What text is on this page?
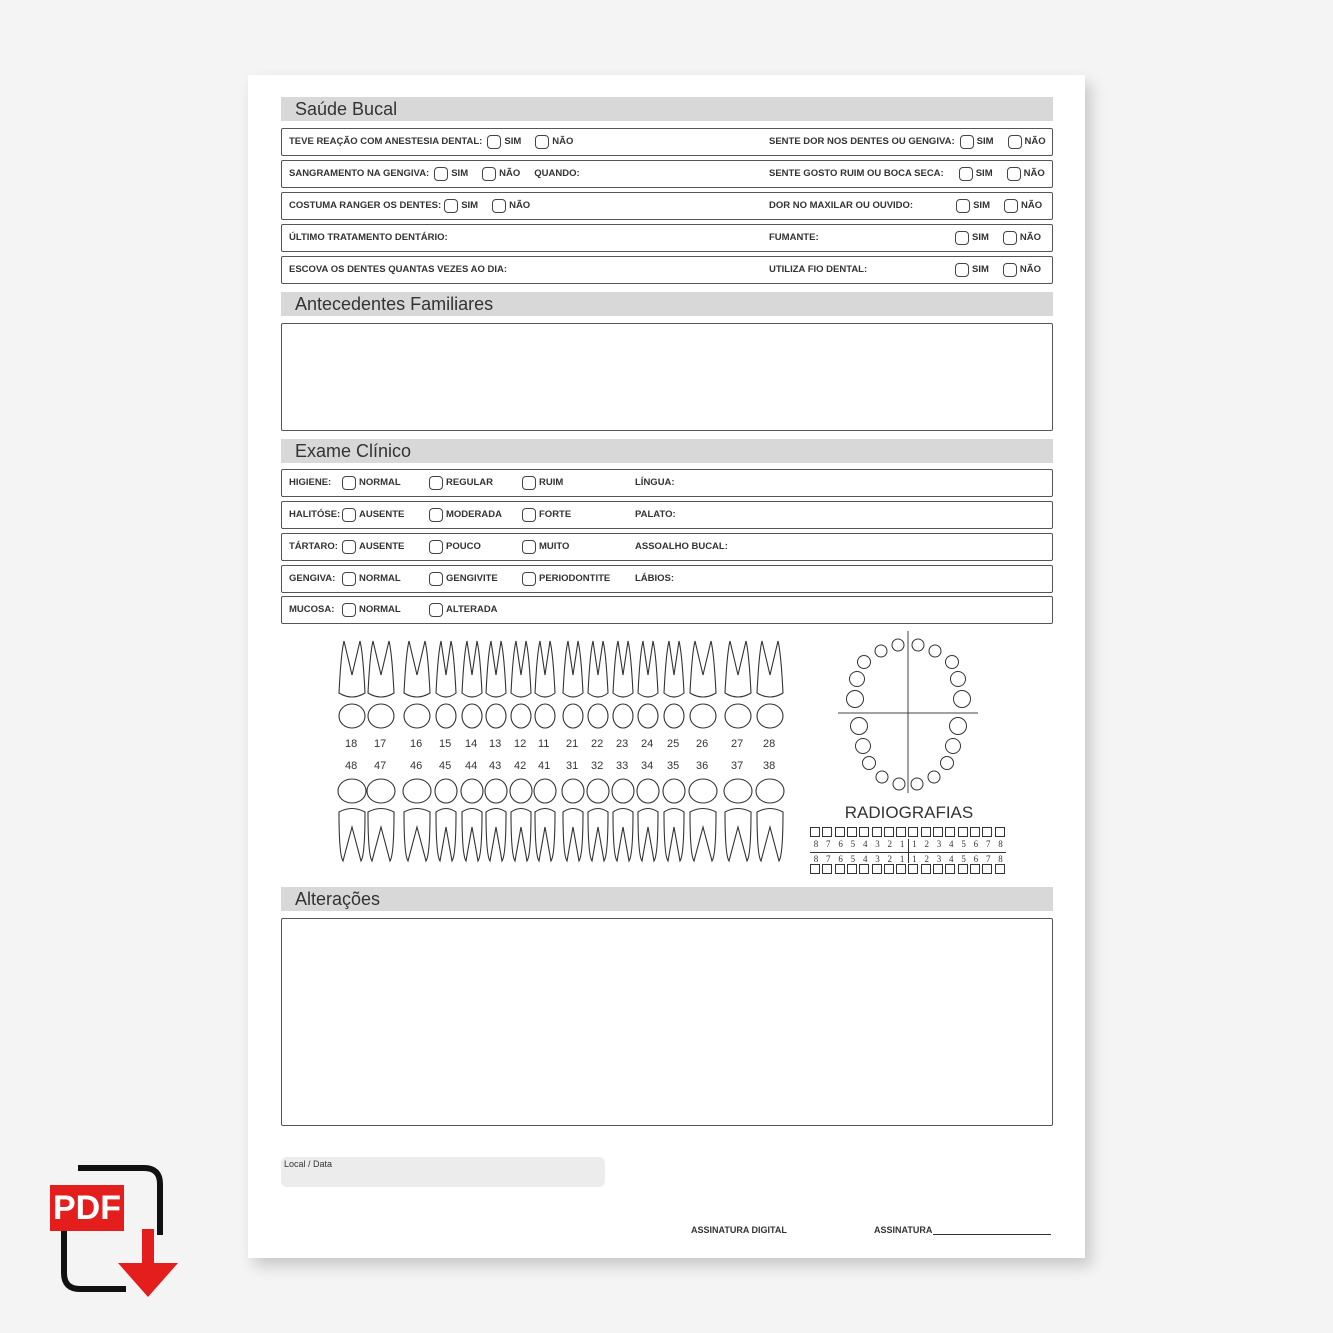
Saúde Bucal
TEVE REAÇÃO COM ANESTESIA DENTAL: SIM	NÃO	SENTE DOR NOS DENTES OU GENGIVA: SIM	NÃO
SANGRAMENTO NA GENGIVA: SIM	NÃO QUANDO:	SENTE GOSTO RUIM OU BOCA SECA:	SIM	NÃO
COSTUMA RANGER OS DENTES: SIM	NÃO	DOR NO MAXILAR OU OUVIDO:	SIM	NÃO
ÚLTIMO TRATAMENTO DENTÁRIO:	FUMANTE:	SIM	NÃO
ESCOVA OS DENTES QUANTAS VEZES AO DIA:	UTILIZA FIO DENTAL:	SIM	NÃO
Antecedentes Familiares
Exame Clínico
HIGIENE:	NORMAL	REGULAR	RUIM	LÍNGUA:
HALITÓSE: AUSENTE	MODERADA	FORTE	PALATO:
TÁRTARO: AUSENTE	POUCO	MUITO	ASSOALHO BUCAL:
GENGIVA: NORMAL	GENGIVITE	PERIODONTITE	LÁBIOS:
MUCOSA:	NORMAL	ALTERADA
18 17 16 15 14 13 12 11 21 22 23 24 25 26 27 28
48 47 46 45 44 43 42 41 31 32 33 34 35 36 37 38
RADIOGRAFIAS
8 7 6 5 4 3 2 1 1 2 3 4 5 6 7 8
8 7 6 5 4 3 2 1 1 2 3 4 5 6 7 8
Alterações
Local / Data
ASSINATURA DIGITAL	ASSINATURA
PDF
